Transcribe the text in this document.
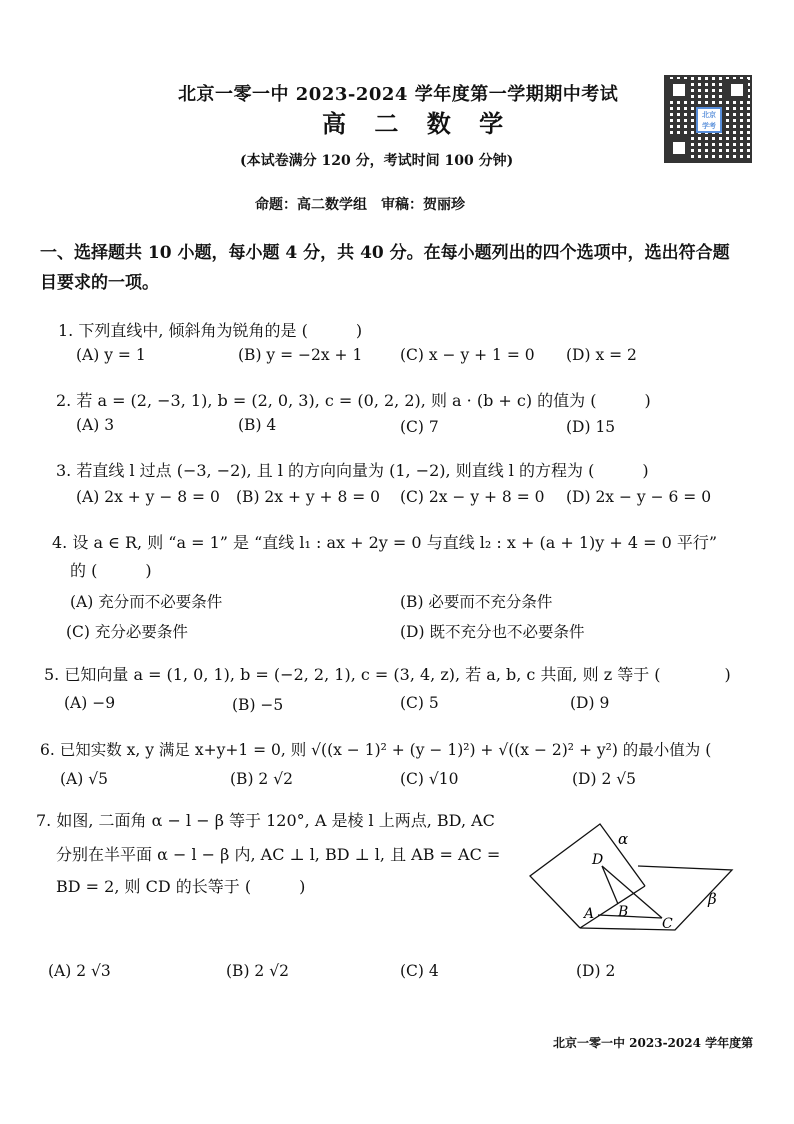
北京一零一中 2023-2024 学年度第一学期期中考试
高 二 数 学
(本试卷满分 120 分，考试时间 100 分钟)
命题：高二数学组　审稿：贺丽珍
北京
学考
一、选择题共 10 小题，每小题 4 分，共 40 分。在每小题列出的四个选项中，选出符合题目要求的一项。
1. 下列直线中, 倾斜角为锐角的是 (　　　)
(A) y = 1	(B) y = −2x + 1 (C) x − y + 1 = 0 (D) x = 2
2. 若 a = (2, −3, 1), b = (2, 0, 3), c = (0, 2, 2), 则 a · (b + c) 的值为 (　　　)
(A) 3	(B) 4	(C) 7	(D) 15
3. 若直线 l 过点 (−3, −2), 且 l 的方向向量为 (1, −2), 则直线 l 的方程为 (　　　)
(A) 2x + y − 8 = 0 (B) 2x + y + 8 = 0 (C) 2x − y + 8 = 0 (D) 2x − y − 6 = 0
4. 设 a ∈ R, 则 “a = 1” 是 “直线 l₁ : ax + 2y = 0 与直线 l₂ : x + (a + 1)y + 4 = 0 平行”
的 (　　　)
(A) 充分而不必要条件	(B) 必要而不充分条件
(C) 充分必要条件	(D) 既不充分也不必要条件
5. 已知向量 a = (1, 0, 1), b = (−2, 2, 1), c = (3, 4, z), 若 a, b, c 共面, 则 z 等于 (　　　　)
(A) −9	(B) −5	(C) 5	(D) 9
6. 已知实数 x, y 满足 x+y+1 = 0, 则 √((x − 1)² + (y − 1)²) + √((x − 2)² + y²) 的最小值为 (
(A) √5	(B) 2 √2	(C) √10	(D) 2 √5
7. 如图, 二面角 α − l − β 等于 120°, A 是棱 l 上两点, BD, AC
分别在半平面 α − l − β 内, AC ⊥ l, BD ⊥ l, 且 AB = AC =
BD = 2, 则 CD 的长等于 (　　　)
α
β
D
A B
C
(A) 2 √3	(B) 2 √2	(C) 4	(D) 2
北京一零一中 2023-2024 学年度第
